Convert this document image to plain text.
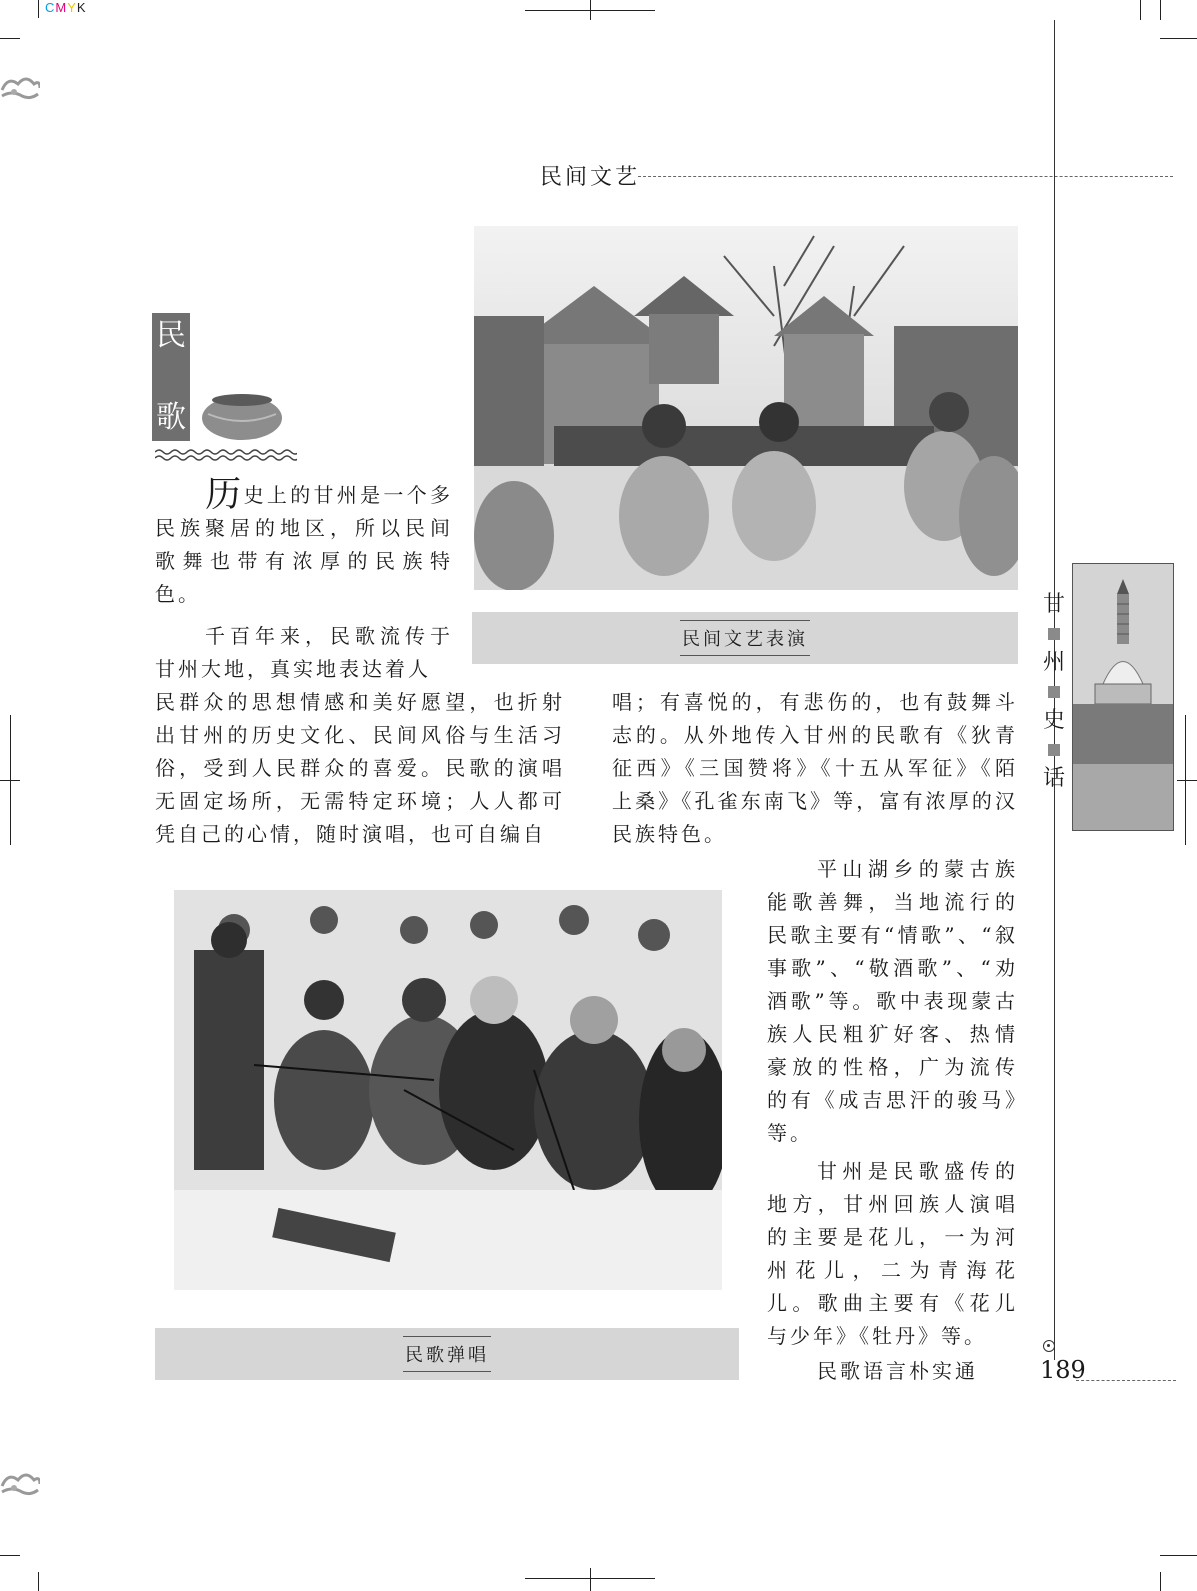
CMYK
民间文艺
民间文艺表演
民
歌
历史上的甘州是一个多民族聚居的地区，所以民间歌舞也带有浓厚的民族特色。
千百年来，民歌流传于甘州大地，真实地表达着人
民群众的思想情感和美好愿望，也折射出甘州的历史文化、民间风俗与生活习俗，受到人民群众的喜爱。民歌的演唱无固定场所，无需特定环境；人人都可凭自己的心情，随时演唱，也可自编自
唱；有喜悦的，有悲伤的，也有鼓舞斗志的。从外地传入甘州的民歌有《狄青征西》《三国赞将》《十五从军征》《陌上桑》《孔雀东南飞》等，富有浓厚的汉民族特色。
平山湖乡的蒙古族能歌善舞，当地流行的民歌主要有“情歌”、“叙事歌”、“敬酒歌”、“劝酒歌”等。歌中表现蒙古族人民粗犷好客、热情豪放的性格，广为流传的有《成吉思汗的骏马》等。
甘州是民歌盛传的地方，甘州回族人演唱的主要是花儿，一为河州花儿，二为青海花儿。歌曲主要有《花儿与少年》《牡丹》等。
民歌语言朴实通
民歌弹唱
甘
州
史
话
189
